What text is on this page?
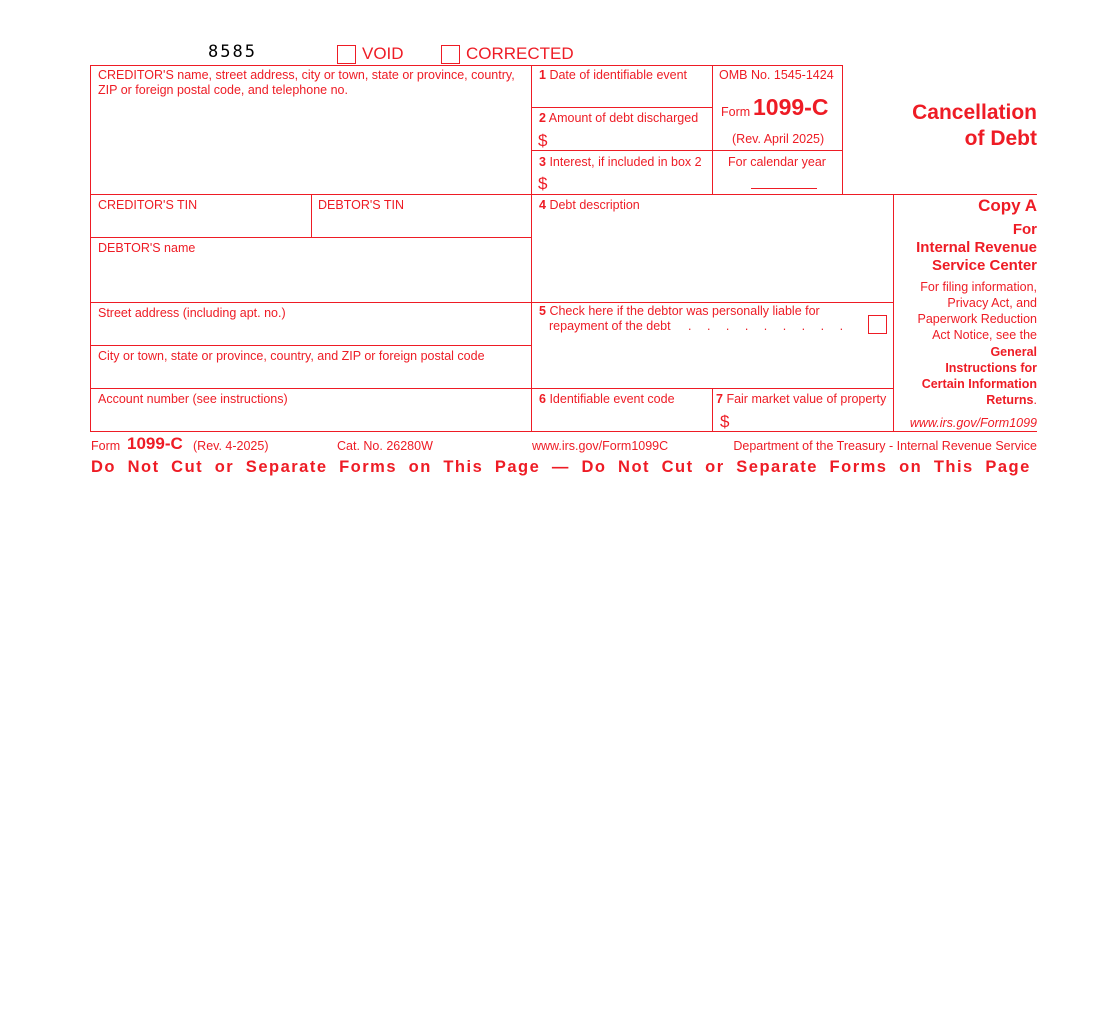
8585	VOID	CORRECTED
CREDITOR'S name, street address, city or town, state or province, country,
ZIP or foreign postal code, and telephone no.
1 Date of identifiable event	OMB No. 1545-1424
Form 1099-C
(Rev. April 2025)
For calendar year
Cancellation
of Debt
2 Amount of debt discharged
$
3 Interest, if included in box 2
$
CREDITOR'S TIN	DEBTOR'S TIN	4 Debt description
DEBTOR'S name
Street address (including apt. no.)	5 Check here if the debtor was personally liable for
repayment of the debt . . . . . . . . .
City or town, state or province, country, and ZIP or foreign postal code
Account number (see instructions)	6 Identifiable event code	7 Fair market value of property
$
Copy A
For
Internal Revenue
Service Center
For filing information,
Privacy Act, and
Paperwork Reduction
Act Notice, see the
General
Instructions for
Certain Information
Returns.
www.irs.gov/Form1099
Form 1099-C (Rev. 4-2025)	Cat. No. 26280W	www.irs.gov/Form1099C	Department of the Treasury - Internal Revenue Service
Do Not Cut or Separate Forms on This Page — Do Not Cut or Separate Forms on This Page
